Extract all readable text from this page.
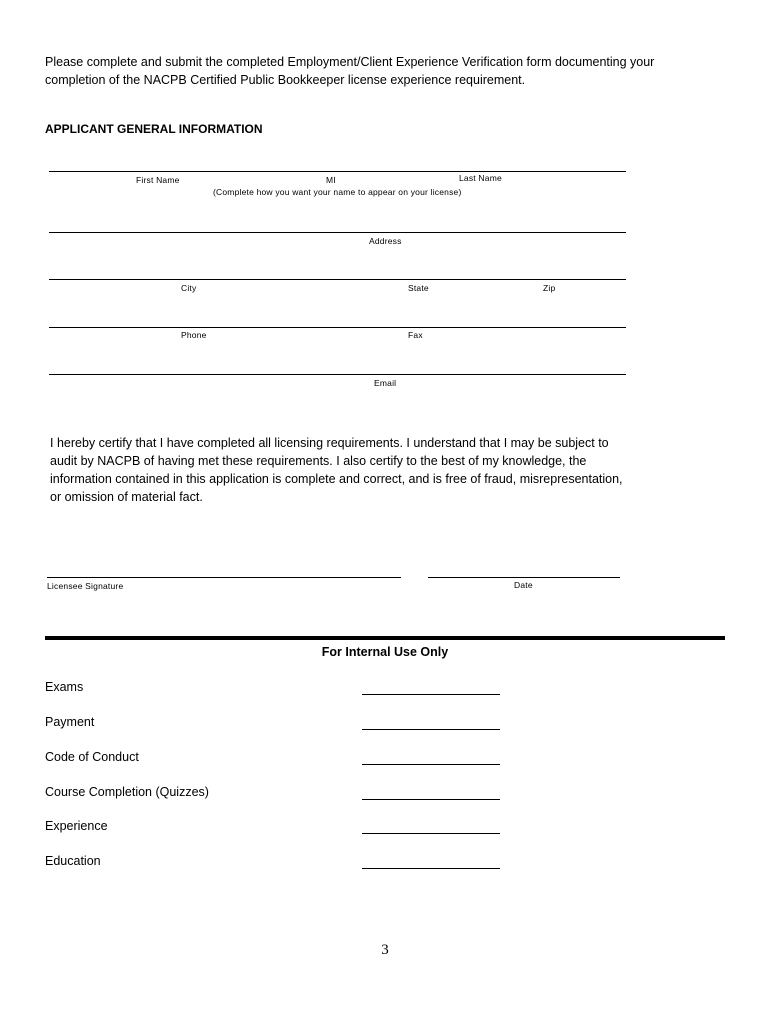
Please complete and submit the completed Employment/Client Experience Verification form documenting your completion of the NACPB Certified Public Bookkeeper license experience requirement.
APPLICANT GENERAL INFORMATION
First Name	MI	Last Name
(Complete how you want your name to appear on your license)
Address
City	State	Zip
Phone	Fax
Email
I hereby certify that I have completed all licensing requirements. I understand that I may be subject to audit by NACPB of having met these requirements. I also certify to the best of my knowledge, the information contained in this application is complete and correct, and is free of fraud, misrepresentation, or omission of material fact.
Licensee Signature	Date
For Internal Use Only
Exams
Payment
Code of Conduct
Course Completion (Quizzes)
Experience
Education
3
